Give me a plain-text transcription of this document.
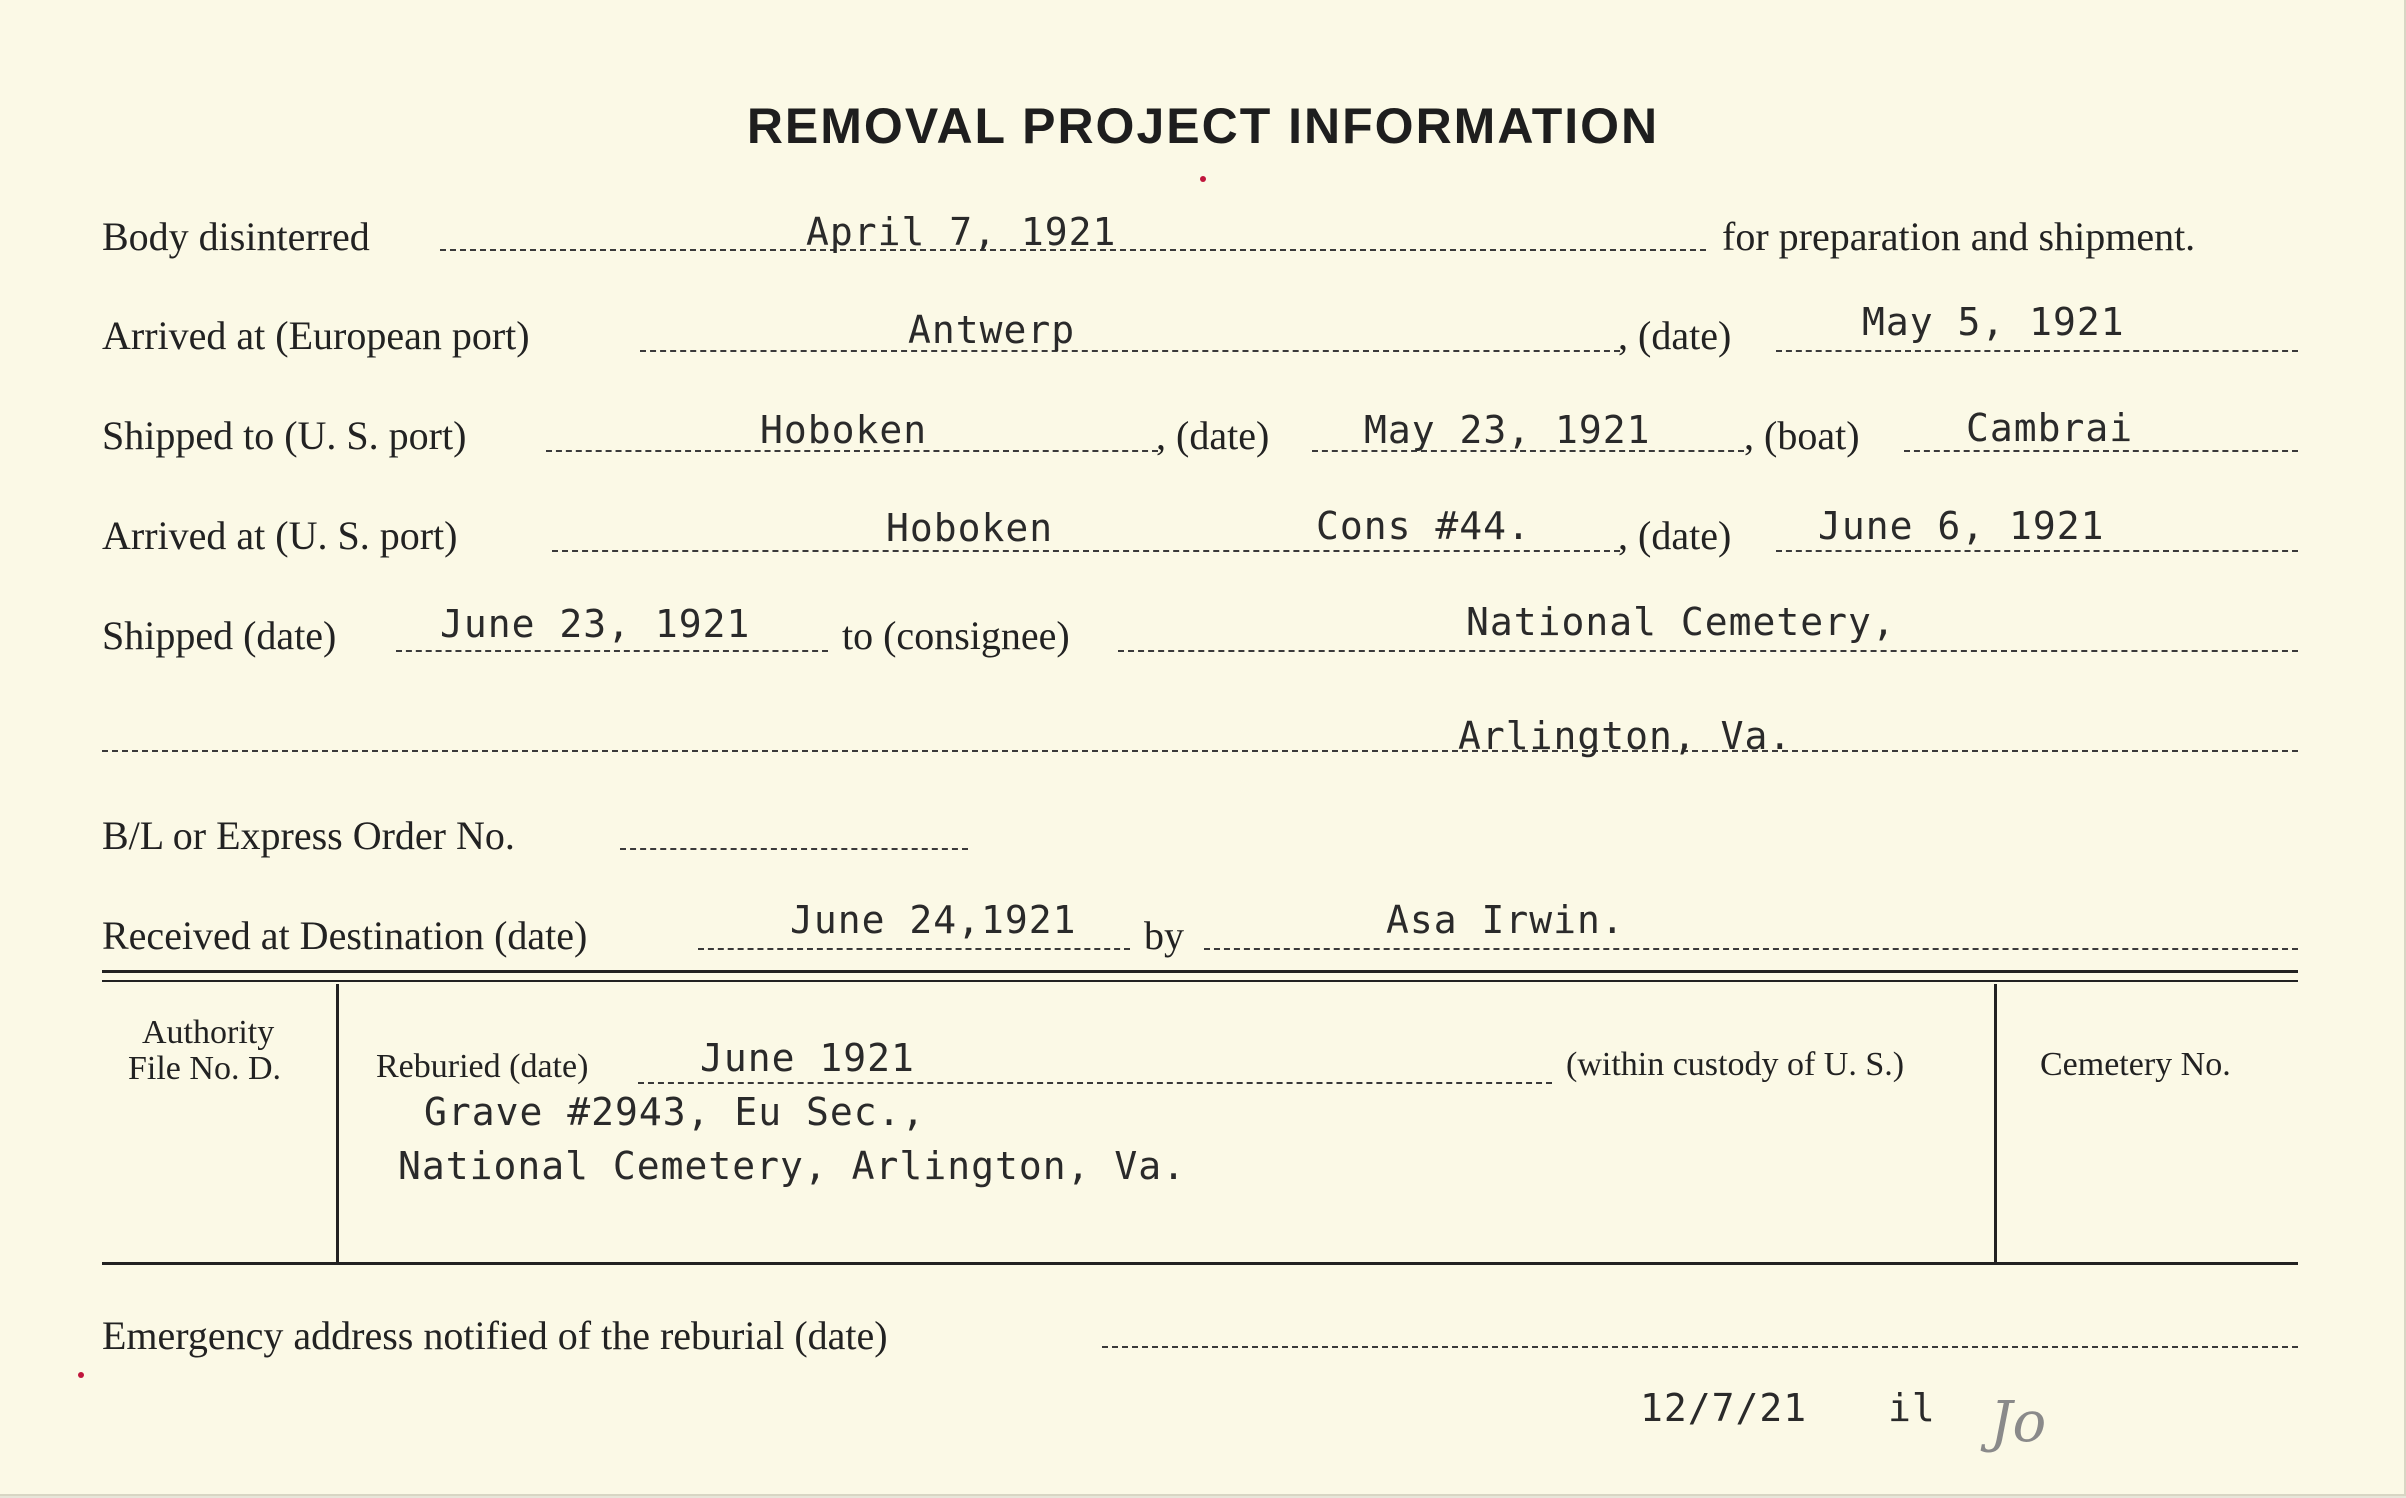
REMOVAL PROJECT INFORMATION
Body disinterred	April 7, 1921	for preparation and shipment.
Arrived at (European port)	Antwerp	, (date)	May 5, 1921
Shipped to (U. S. port)	Hoboken	, (date) May 23, 1921 , (boat)	Cambrai
Arrived at (U. S. port)	Hoboken	Cons #44. , (date) June 6, 1921
Shipped (date)	June 23, 1921 to (consignee)	National Cemetery,
Arlington, Va.
B/L or Express Order No.
Received at Destination (date)	June 24,1921 by	Asa Irwin.
Authority
File No. D.	Reburied (date)	June 1921	(within custody of U. S.)	Cemetery No.
Grave #2943, Eu Sec.,
National Cemetery, Arlington, Va.
Emergency address notified of the reburial (date)
12/7/21 il Jo
